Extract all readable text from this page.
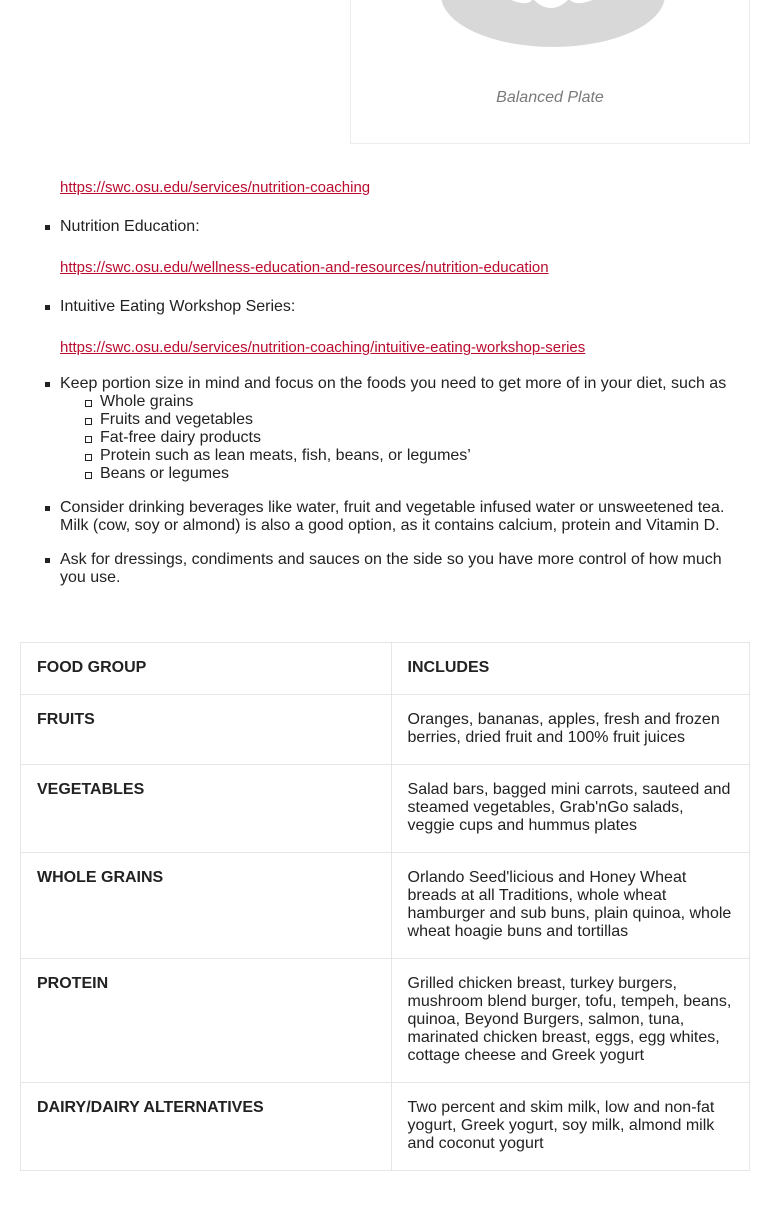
Balanced Plate
https://swc.osu.edu/services/nutrition-coaching
Nutrition Education:
https://swc.osu.edu/wellness-education-and-resources/nutrition-education
Intuitive Eating Workshop Series:
https://swc.osu.edu/services/nutrition-coaching/intuitive-eating-workshop-series
Keep portion size in mind and focus on the foods you need to get more of in your diet, such as
Whole grains
Fruits and vegetables
Fat-free dairy products
Protein such as lean meats, fish, beans, or legumes’
Beans or legumes
Consider drinking beverages like water, fruit and vegetable infused water or unsweetened tea. Milk (cow, soy or almond) is also a good option, as it contains calcium, protein and Vitamin D.
Ask for dressings, condiments and sauces on the side so you have more control of how much you use.
FOOD GROUP	INCLUDES
FRUITS	Oranges, bananas, apples, fresh and frozen berries, dried fruit and 100% fruit juices
VEGETABLES	Salad bars, bagged mini carrots, sauteed and steamed vegetables, Grab'nGo salads, veggie cups and hummus plates
WHOLE GRAINS	Orlando Seed'licious and Honey Wheat breads at all Traditions, whole wheat hamburger and sub buns, plain quinoa, whole wheat hoagie buns and tortillas
PROTEIN	Grilled chicken breast, turkey burgers, mushroom blend burger, tofu, tempeh, beans, quinoa, Beyond Burgers, salmon, tuna, marinated chicken breast, eggs, egg whites, cottage cheese and Greek yogurt
DAIRY/DAIRY ALTERNATIVES	Two percent and skim milk, low and non-fat yogurt, Greek yogurt, soy milk, almond milk and coconut yogurt
